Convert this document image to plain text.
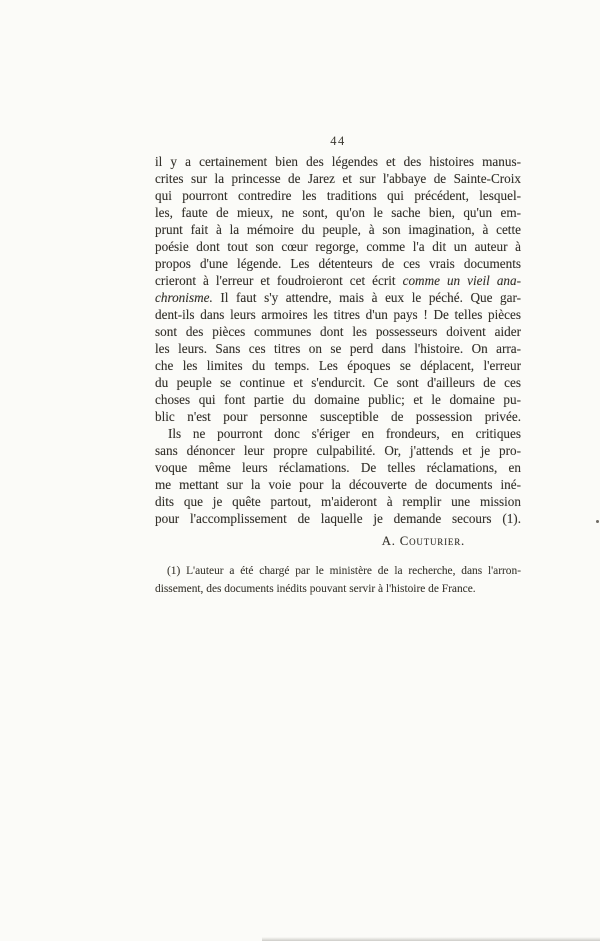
44
il y a certainement bien des légendes et des histoires manus-
crites sur la princesse de Jarez et sur l'abbaye de Sainte-Croix
qui pourront contredire les traditions qui précédent, lesquel-
les, faute de mieux, ne sont, qu'on le sache bien, qu'un em-
prunt fait à la mémoire du peuple, à son imagination, à cette
poésie dont tout son cœur regorge, comme l'a dit un auteur à
propos d'une légende. Les détenteurs de ces vrais documents
crieront à l'erreur et foudroieront cet écrit comme un vieil ana-
chronisme. Il faut s'y attendre, mais à eux le péché. Que gar-
dent-ils dans leurs armoires les titres d'un pays ! De telles pièces
sont des pièces communes dont les possesseurs doivent aider
les leurs. Sans ces titres on se perd dans l'histoire. On arra-
che les limites du temps. Les époques se déplacent, l'erreur
du peuple se continue et s'endurcit. Ce sont d'ailleurs de ces
choses qui font partie du domaine public; et le domaine pu-
blic n'est pour personne susceptible de possession privée.
Ils ne pourront donc s'ériger en frondeurs, en critiques
sans dénoncer leur propre culpabilité. Or, j'attends et je pro-
voque même leurs réclamations. De telles réclamations, en
me mettant sur la voie pour la découverte de documents iné-
dits que je quête partout, m'aideront à remplir une mission
pour l'accomplissement de laquelle je demande secours (1).
A. Couturier.
(1) L'auteur a été chargé par le ministère de la recherche, dans l'arron-
dissement, des documents inédits pouvant servir à l'histoire de France.
